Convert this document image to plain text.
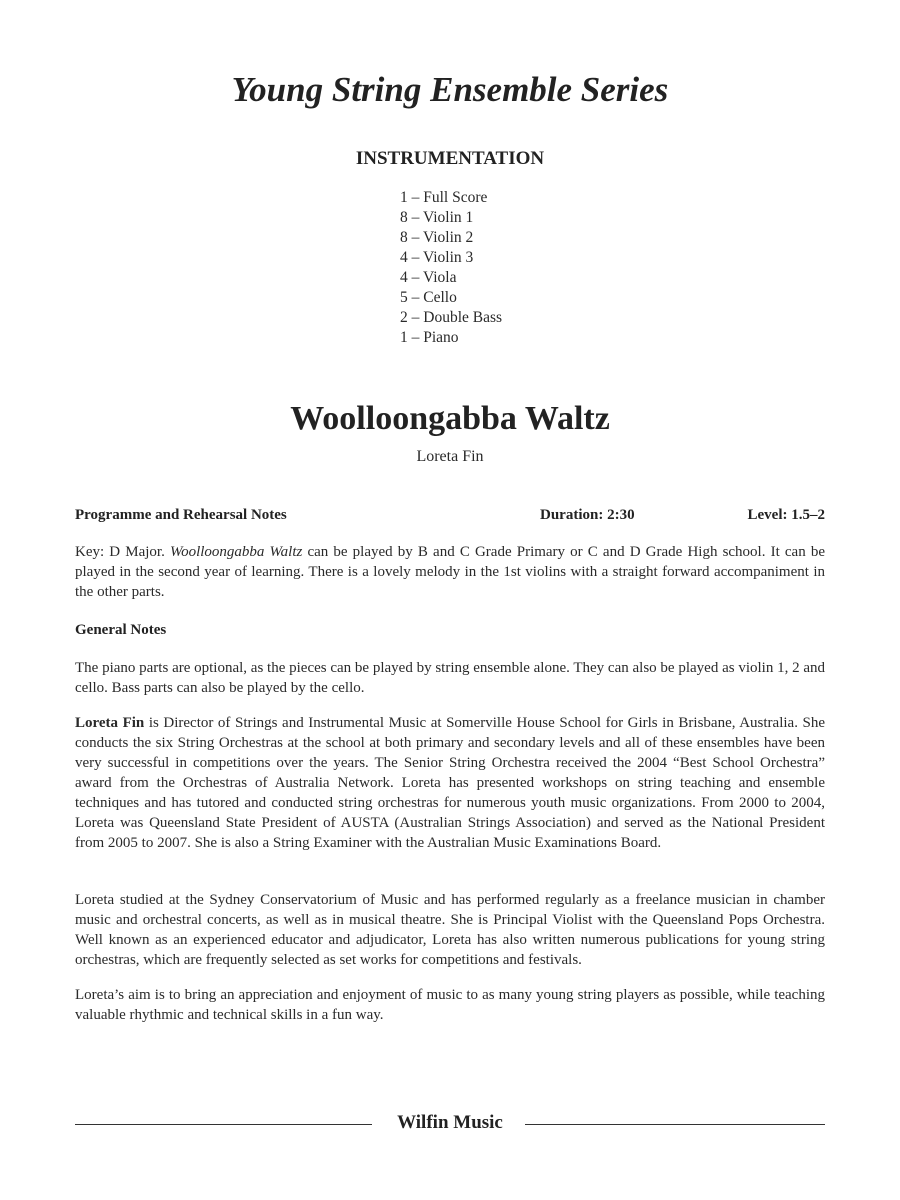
Young String Ensemble Series
INSTRUMENTATION
1 – Full Score
8 – Violin 1
8 – Violin 2
4 – Violin 3
4 – Viola
5 – Cello
2 – Double Bass
1 – Piano
Woolloongabba Waltz
Loreta Fin
Programme and Rehearsal Notes	Duration: 2:30	Level: 1.5–2

Key: D Major. Woolloongabba Waltz can be played by B and C Grade Primary or C and D Grade High school. It can be played in the second year of learning. There is a lovely melody in the 1st violins with a straight forward accompaniment in the other parts.

General Notes

The piano parts are optional, as the pieces can be played by string ensemble alone. They can also be played as violin 1, 2 and cello. Bass parts can also be played by the cello.

Loreta Fin is Director of Strings and Instrumental Music at Somerville House School for Girls in Brisbane, Australia. She conducts the six String Orchestras at the school at both primary and secondary levels and all of these ensembles have been very successful in competitions over the years. The Senior String Orchestra received the 2004 “Best School Orchestra” award from the Orchestras of Australia Network. Loreta has presented workshops on string teaching and ensemble techniques and has tutored and conducted string orchestras for numerous youth music organizations. From 2000 to 2004, Loreta was Queensland State President of AUSTA (Australian Strings Association) and served as the National President from 2005 to 2007. She is also a String Examiner with the Australian Music Examinations Board.

Loreta studied at the Sydney Conservatorium of Music and has performed regularly as a freelance musician in chamber music and orchestral concerts, as well as in musical theatre. She is Principal Violist with the Queensland Pops Orchestra. Well known as an experienced educator and adjudicator, Loreta has also written numerous publications for young string orchestras, which are frequently selected as set works for competitions and festivals.

Loreta’s aim is to bring an appreciation and enjoyment of music to as many young string players as possible, while teaching valuable rhythmic and technical skills in a fun way.

Wilfin Music
